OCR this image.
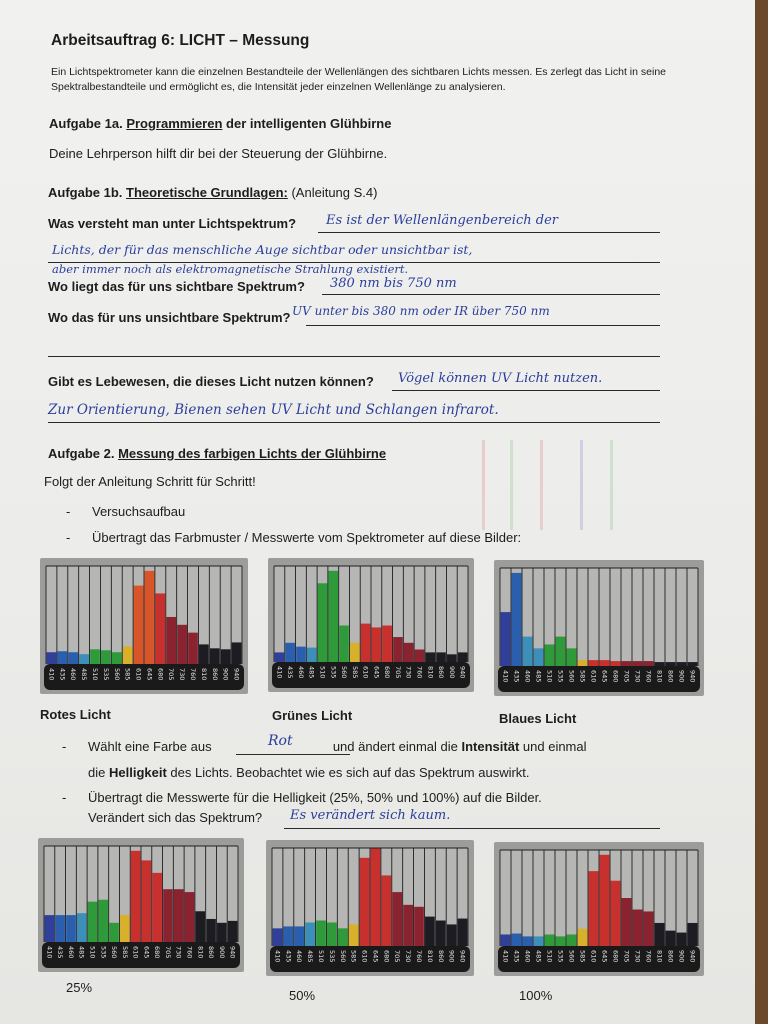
Arbeitsauftrag 6: LICHT – Messung
Ein Lichtspektrometer kann die einzelnen Bestandteile der Wellenlängen des sichtbaren Lichts messen. Es zerlegt das Licht in seine Spektralbestandteile und ermöglicht es, die Intensität jeder einzelnen Wellenlänge zu analysieren.
Aufgabe 1a. Programmieren der intelligenten Glühbirne
Deine Lehrperson hilft dir bei der Steuerung der Glühbirne.
Aufgabe 1b. Theoretische Grundlagen: (Anleitung S.4)
Was versteht man unter Lichtspektrum? Es ist der Wellenlängenbereich der
Lichts, der für das menschliche Auge sichtbar oder unsichtbar ist,
aber immer noch als elektromagnetische Strahlung existiert.
Wo liegt das für uns sichtbare Spektrum? 380 nm bis 750 nm
Wo das für uns unsichtbare Spektrum? UV unter bis 380 nm oder IR über 750 nm
Gibt es Lebewesen, die dieses Licht nutzen können? Vögel können UV Licht nutzen.
Zur Orientierung, Bienen sehen UV Licht und Schlangen infrarot.
Aufgabe 2. Messung des farbigen Lichts der Glühbirne
Folgt der Anleitung Schritt für Schritt!
- Versuchsaufbau
- Übertragt das Farbmuster / Messwerte vom Spektrometer auf diese Bilder:
410 435 460 485 510 535 560 585 610 645 680 705 730 760 810 860 900 940	410 435 460 485 510 535 560 585 610 645 680 705 730 760 810 860 900 940	410 435 460 485 510 535 560 585 610 645 680 705 730 760 810 860 900 940
Rotes Licht	Grünes Licht	Blaues Licht
- Wählt eine Farbe aus	und ändert einmal die Intensität und einmal
Rot
die Helligkeit des Lichts. Beobachtet wie es sich auf das Spektrum auswirkt.
- Übertragt die Messwerte für die Helligkeit (25%, 50% und 100%) auf die Bilder.
Verändert sich das Spektrum? Es verändert sich kaum.
410 435 460 485 510 535 560 585 610 645 680 705 730 760 810 860 900 940	410 435 460 485 510 535 560 585 610 645 680 705 730 760 810 860 900 940	410 435 460 485 510 535 560 585 610 645 680 705 730 760 810 860 900 940
25%
50%	100%
